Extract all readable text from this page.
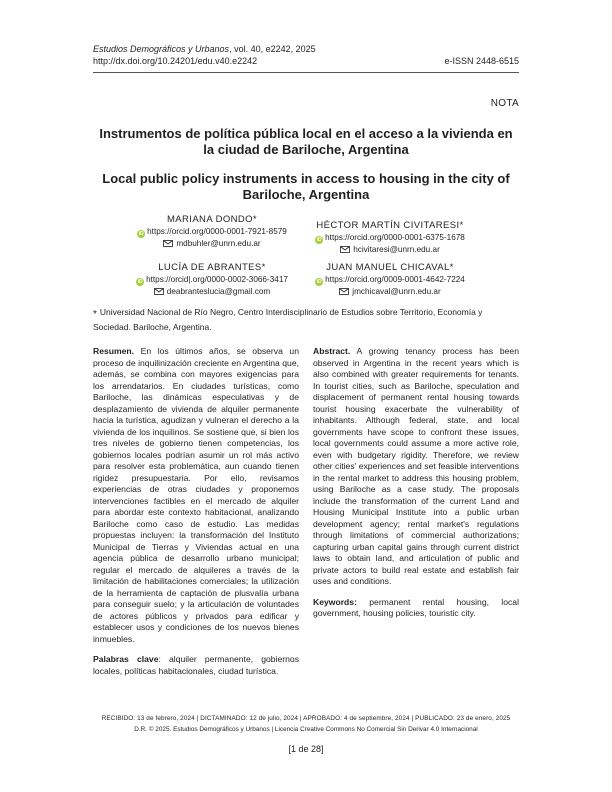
Estudios Demográficos y Urbanos, vol. 40, e2242, 2025
http://dx.doi.org/10.24201/edu.v40.e2242	e-ISSN 2448-6515
NOTA
Instrumentos de política pública local en el acceso a la vivienda en la ciudad de Bariloche, Argentina
Local public policy instruments in access to housing in the city of Bariloche, Argentina
MARIANA DONDO*
iD https://orcid.org/0000-0001-7921-8579
mdbuhler@unrn.edu.ar
HÉCTOR MARTÍN CIVITARESI*
iD https://orcid.org/0000-0001-6375-1678
hcivitaresi@unrn.edu.ar
LUCÍA DE ABRANTES*
iD https://orcid|.org/0000-0002-3066-3417
deabranteslucia@gmail.com
JUAN MANUEL CHICAVAL*
iD https://orcid.org/0009-0001-4642-7224
jmchicaval@unrn.edu.ar
* Universidad Nacional de Río Negro, Centro Interdisciplinario de Estudios sobre Territorio, Economía y Sociedad. Bariloche, Argentina.
Resumen. En los últimos años, se observa un proceso de inquilinización creciente en Argentina que, además, se combina con mayores exigencias para los arrendatarios. En ciudades turísticas, como Bariloche, las dinámicas especulativas y de desplazamiento de vivienda de alquiler permanente hacia la turística, agudizan y vulneran el derecho a la vivienda de los inquilinos. Se sostiene que, si bien los tres niveles de gobierno tienen competencias, los gobiernos locales podrían asumir un rol más activo para resolver esta problemática, aun cuando tienen rigidez presupuestaria. Por ello, revisamos experiencias de otras ciudades y proponemos intervenciones factibles en el mercado de alquiler para abordar este contexto habitacional, analizando Bariloche como caso de estudio. Las medidas propuestas incluyen: la transformación del Instituto Municipal de Tierras y Viviendas actual en una agencia pública de desarrollo urbano municipal; regular el mercado de alquileres a través de la limitación de habilitaciones comerciales; la utilización de la herramienta de captación de plusvalía urbana para conseguir suelo; y la articulación de voluntades de actores públicos y privados para edificar y establecer usos y condiciones de los nuevos bienes inmuebles.
Palabras clave: alquiler permanente, gobiernos locales, políticas habitacionales, ciudad turística.
Abstract. A growing tenancy process has been observed in Argentina in the recent years which is also combined with greater requirements for tenants. In tourist cities, such as Bariloche, speculation and displacement of permanent rental housing towards tourist housing exacerbate the vulnerability of inhabitants. Although federal, state, and local governments have scope to confront these issues, local governments could assume a more active role, even with budgetary rigidity. Therefore, we review other cities' experiences and set feasible interventions in the rental market to address this housing problem, using Bariloche as a case study. The proposals include the transformation of the current Land and Housing Municipal Institute into a public urban development agency; rental market's regulations through limitations of commercial authorizations; capturing urban capital gains through current district laws to obtain land, and articulation of public and private actors to build real estate and establish fair uses and conditions.
Keywords: permanent rental housing, local government, housing policies, touristic city.
RECIBIDO: 13 de febrero, 2024 | DICTAMINADO: 12 de julio, 2024 | APROBADO: 4 de septiembre, 2024 | PUBLICADO: 23 de enero, 2025
D.R. © 2025. Estudios Demográficos y Urbanos | Licencia Creative Commons No Comercial Sin Derivar 4.0 Internacional
[1 de 28]
